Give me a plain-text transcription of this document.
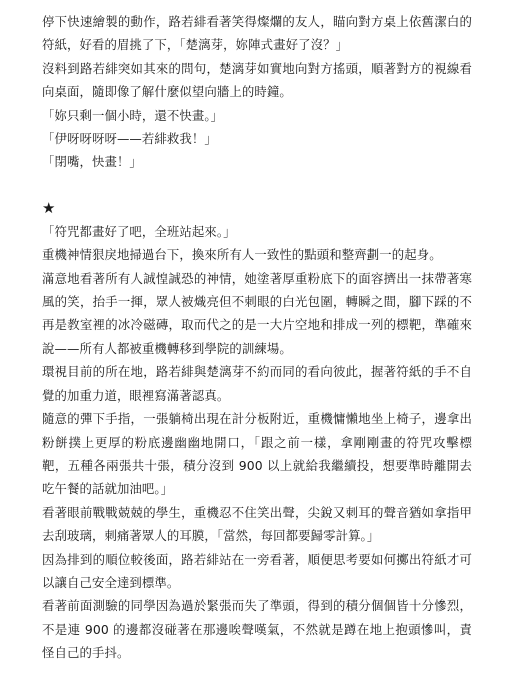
停下快速繪製的動作，路若緋看著笑得燦爛的友人，瞄向對方桌上依舊潔白的符紙，好看的眉挑了下，「楚漓芽，妳陣式畫好了沒？」

沒料到路若緋突如其來的問句，楚漓芽如實地向對方搖頭，順著對方的視線看向桌面，隨即像了解什麼似望向牆上的時鐘。

「妳只剩一個小時，還不快畫。」

「伊呀呀呀呀——若緋救我！」

「閉嘴，快畫！」

★

「符咒都畫好了吧，全班站起來。」

重機神情狠戾地掃過台下，換來所有人一致性的點頭和整齊劃一的起身。

滿意地看著所有人誠惶誠恐的神情，她塗著厚重粉底下的面容擠出一抹帶著寒風的笑，抬手一揮，眾人被熾亮但不刺眼的白光包圍，轉瞬之間，腳下踩的不再是教室裡的冰冷磁磚，取而代之的是一大片空地和排成一列的標靶，準確來說——所有人都被重機轉移到學院的訓練場。

環視目前的所在地，路若緋與楚漓芽不約而同的看向彼此，握著符紙的手不自覺的加重力道，眼裡寫滿著認真。

隨意的彈下手指，一張躺椅出現在計分板附近，重機慵懶地坐上椅子，邊拿出粉餅撲上更厚的粉底邊幽幽地開口，「跟之前一樣，拿剛剛畫的符咒攻擊標靶，五種各兩張共十張，積分沒到 900 以上就給我繼續投，想要準時離開去吃午餐的話就加油吧。」

看著眼前戰戰兢兢的學生，重機忍不住笑出聲，尖銳又刺耳的聲音猶如拿指甲去刮玻璃，刺痛著眾人的耳膜，「當然，每回都要歸零計算。」

因為排到的順位較後面，路若緋站在一旁看著，順便思考要如何擲出符紙才可以讓自己安全達到標準。

看著前面測驗的同學因為過於緊張而失了準頭，得到的積分個個皆十分慘烈，不是連 900 的邊都沒碰著在那邊唉聲嘆氣，不然就是蹲在地上抱頭慘叫，責怪自己的手抖。
